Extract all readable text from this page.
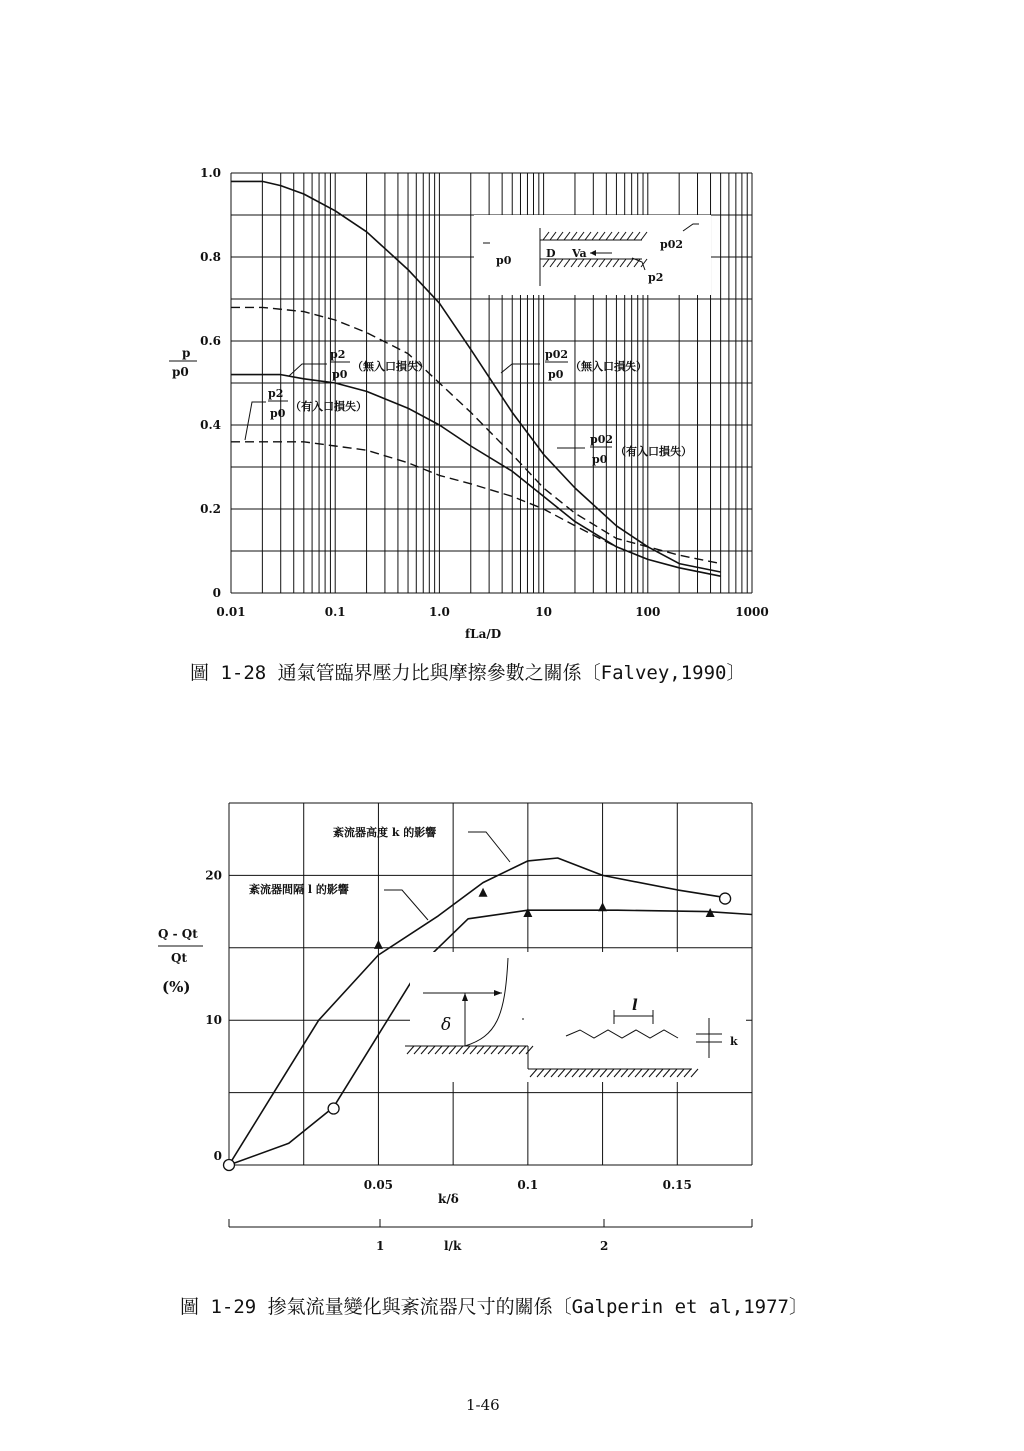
0.01	0.1	1.0	10	100	1000
0
0.2
0.4
0.6
0.8
1.0
p
p0
fLa/D
p0
D Va
p02
p2
p02
p0
（無入口損失）
p02
p0
（有入口損失）
p2
p0
（無入口損失）
p2
p0
（有入口損失）
圖 1-28 通氣管臨界壓力比與摩擦參數之關係〔Falvey,1990〕
0.05	0.1	0.15
0
10
20
Q - Qt
Qt
(%)
k/δ
1	2
l/k
紊流器高度 k 的影響
紊流器間隔 l 的影響
δ
l
k
圖 1-29 掺氣流量變化與紊流器尺寸的關係〔Galperin et al,1977〕
1-46
